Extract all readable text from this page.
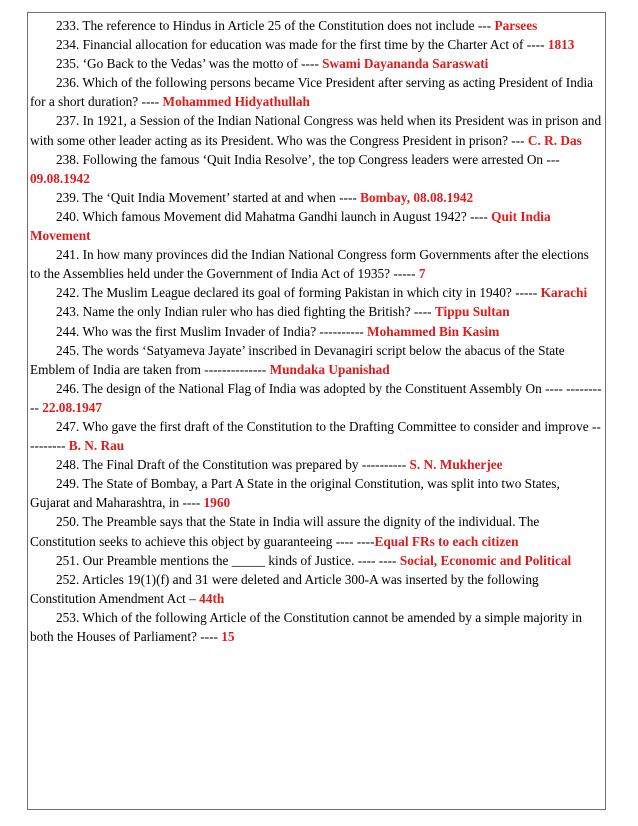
233. The reference to Hindus in Article 25 of the Constitution does not include --- Parsees

234. Financial allocation for education was made for the first time by the Charter Act of ---- 1813

235. ‘Go Back to the Vedas’ was the motto of ---- Swami Dayananda Saraswati

236. Which of the following persons became Vice President after serving as acting President of India for a short duration? ---- Mohammed Hidyathullah

237. In 1921, a Session of the Indian National Congress was held when its President was in prison and with some other leader acting as its President. Who was the Congress President in prison? --- C. R. Das

238. Following the famous ‘Quit India Resolve’, the top Congress leaders were arrested On --- 09.08.1942

239. The ‘Quit India Movement’ started at and when ---- Bombay, 08.08.1942

240. Which famous Movement did Mahatma Gandhi launch in August 1942? ---- Quit India Movement

241. In how many provinces did the Indian National Congress form Governments after the elections to the Assemblies held under the Government of India Act of 1935? ----- 7

242. The Muslim League declared its goal of forming Pakistan in which city in 1940? ----- Karachi

243. Name the only Indian ruler who has died fighting the British? ---- Tippu Sultan

244. Who was the first Muslim Invader of India? ---------- Mohammed Bin Kasim

245. The words ‘Satyameva Jayate’ inscribed in Devanagiri script below the abacus of the State Emblem of India are taken from -------------- Mundaka Upanishad

246. The design of the National Flag of India was adopted by the Constituent Assembly On ---- ---------- 22.08.1947

247. Who gave the first draft of the Constitution to the Drafting Committee to consider and improve ---------- B. N. Rau

248. The Final Draft of the Constitution was prepared by ---------- S. N. Mukherjee

249. The State of Bombay, a Part A State in the original Constitution, was split into two States, Gujarat and Maharashtra, in ---- 1960

250. The Preamble says that the State in India will assure the dignity of the individual. The Constitution seeks to achieve this object by guaranteeing ---- ----Equal FRs to each citizen

251. Our Preamble mentions the _____ kinds of Justice. ---- ---- Social, Economic and Political

252. Articles 19(1)(f) and 31 were deleted and Article 300-A was inserted by the following Constitution Amendment Act – 44th

253. Which of the following Article of the Constitution cannot be amended by a simple majority in both the Houses of Parliament? ---- 15
